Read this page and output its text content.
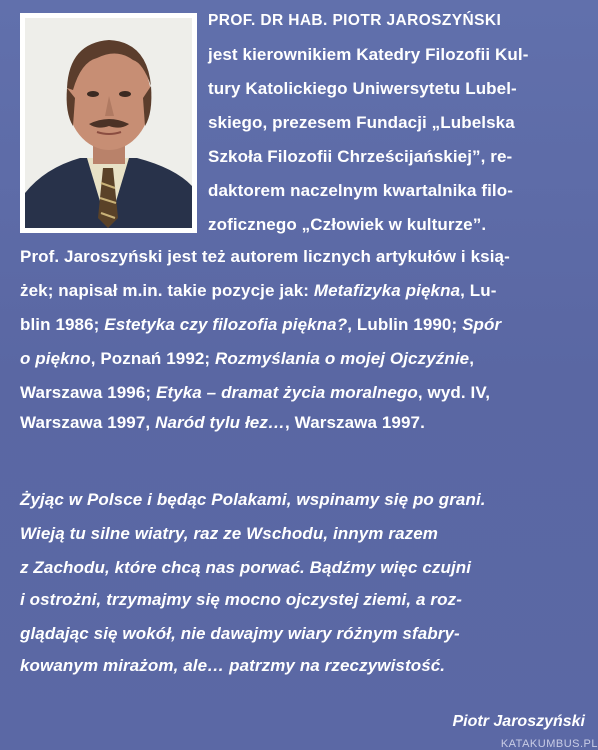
PROF. DR HAB. PIOTR JAROSZYŃSKI
jest kierownikiem Katedry Filozofii Kul-
tury Katolickiego Uniwersytetu Lubel-
skiego, prezesem Fundacji „Lubelska
Szkoła Filozofii Chrześcijańskiej”, re-
daktorem naczelnym kwartalnika filo-
zoficznego „Człowiek w kulturze”.
Prof. Jaroszyński jest też autorem licznych artykułów i ksią-
żek; napisał m.in. takie pozycje jak: Metafizyka piękna, Lu-
blin 1986; Estetyka czy filozofia piękna?, Lublin 1990; Spór
o piękno, Poznań 1992; Rozmyślania o mojej Ojczyźnie,
Warszawa 1996; Etyka – dramat życia moralnego, wyd. IV,
Warszawa 1997, Naród tylu łez…, Warszawa 1997.
Żyjąc w Polsce i będąc Polakami, wspinamy się po grani.
Wieją tu silne wiatry, raz ze Wschodu, innym razem
z Zachodu, które chcą nas porwać. Bądźmy więc czujni
i ostrożni, trzymajmy się mocno ojczystej ziemi, a roz-
glądając się wokół, nie dawajmy wiary różnym sfabry-
kowanym mirażom, ale… patrzmy na rzeczywistość.
Piotr Jaroszyński
KATAKUMBUS.PL
